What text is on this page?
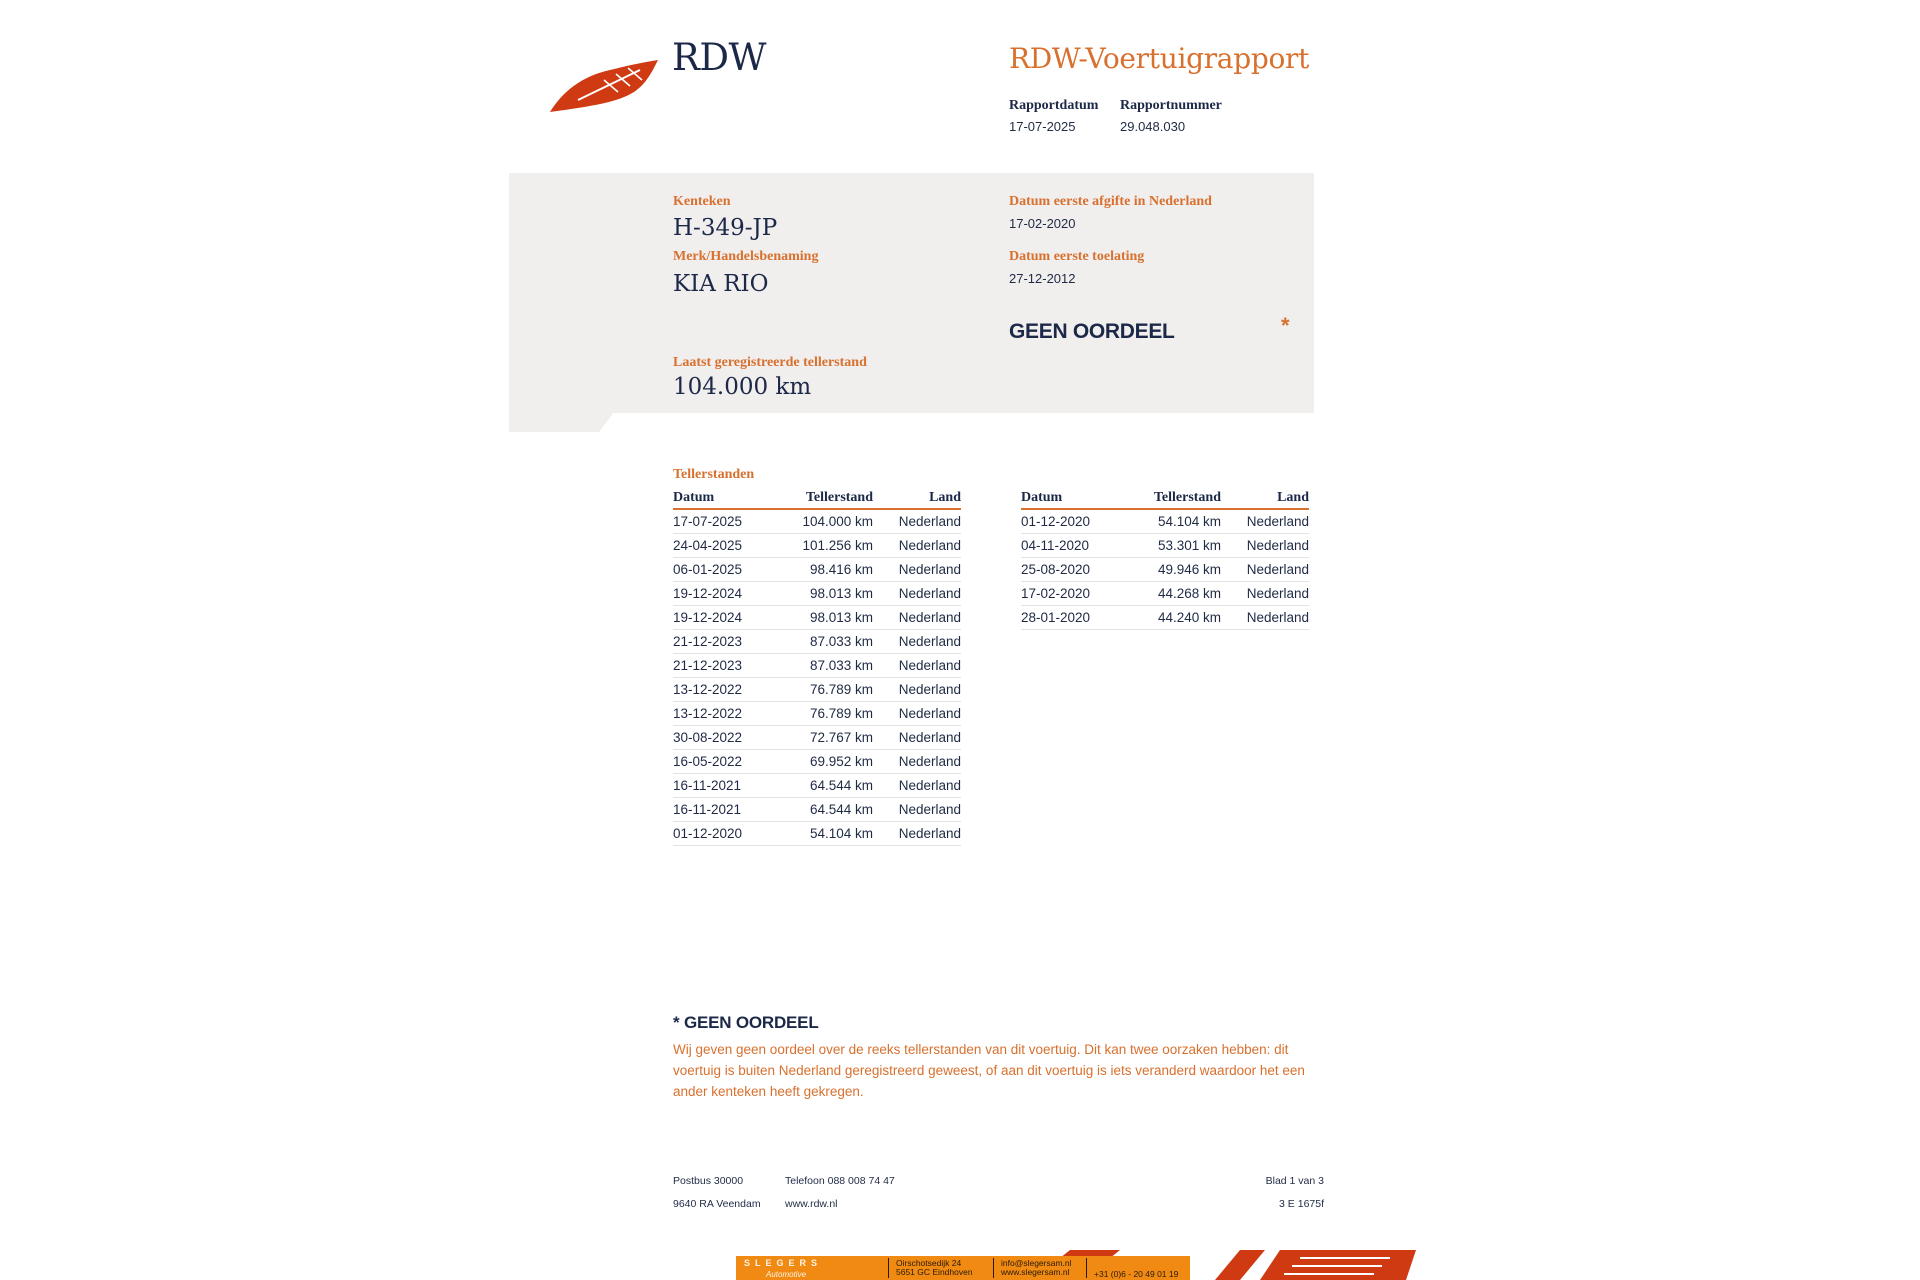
RDW	RDW-Voertuigrapport
Rapportdatum Rapportnummer
17-07-2025	29.048.030
Kenteken
H-349-JP
Merk/Handelsbenaming
KIA RIO
Datum eerste afgifte in Nederland
17-02-2020
Datum eerste toelating
27-12-2012
GEEN OORDEEL	*
Laatst geregistreerde tellerstand
104.000 km
Tellerstanden
Datum	Tellerstand	Land
17-07-2025	104.000 km	Nederland
24-04-2025	101.256 km	Nederland
06-01-2025	98.416 km	Nederland
19-12-2024	98.013 km	Nederland
19-12-2024	98.013 km	Nederland
21-12-2023	87.033 km	Nederland
21-12-2023	87.033 km	Nederland
13-12-2022	76.789 km	Nederland
13-12-2022	76.789 km	Nederland
30-08-2022	72.767 km	Nederland
16-05-2022	69.952 km	Nederland
16-11-2021	64.544 km	Nederland
16-11-2021	64.544 km	Nederland
01-12-2020	54.104 km	Nederland
Datum	Tellerstand	Land
01-12-2020	54.104 km	Nederland
04-11-2020	53.301 km	Nederland
25-08-2020	49.946 km	Nederland
17-02-2020	44.268 km	Nederland
28-01-2020	44.240 km	Nederland
* GEEN OORDEEL
Wij geven geen oordeel over de reeks tellerstanden van dit voertuig. Dit kan twee oorzaken hebben: dit voertuig is buiten Nederland geregistreerd geweest, of aan dit voertuig is iets veranderd waardoor het een ander kenteken heeft gekregen.
Postbus 30000
9640 RA Veendam
Telefoon 088 008 74 47
www.rdw.nl
Blad 1 van 3
3 E 1675f
SLEGERS
Automotive
Oirschotsedijk 24
5651 GC Eindhoven
info@slegersam.nl
www.slegersam.nl	+31 (0)6 - 20 49 01 19
